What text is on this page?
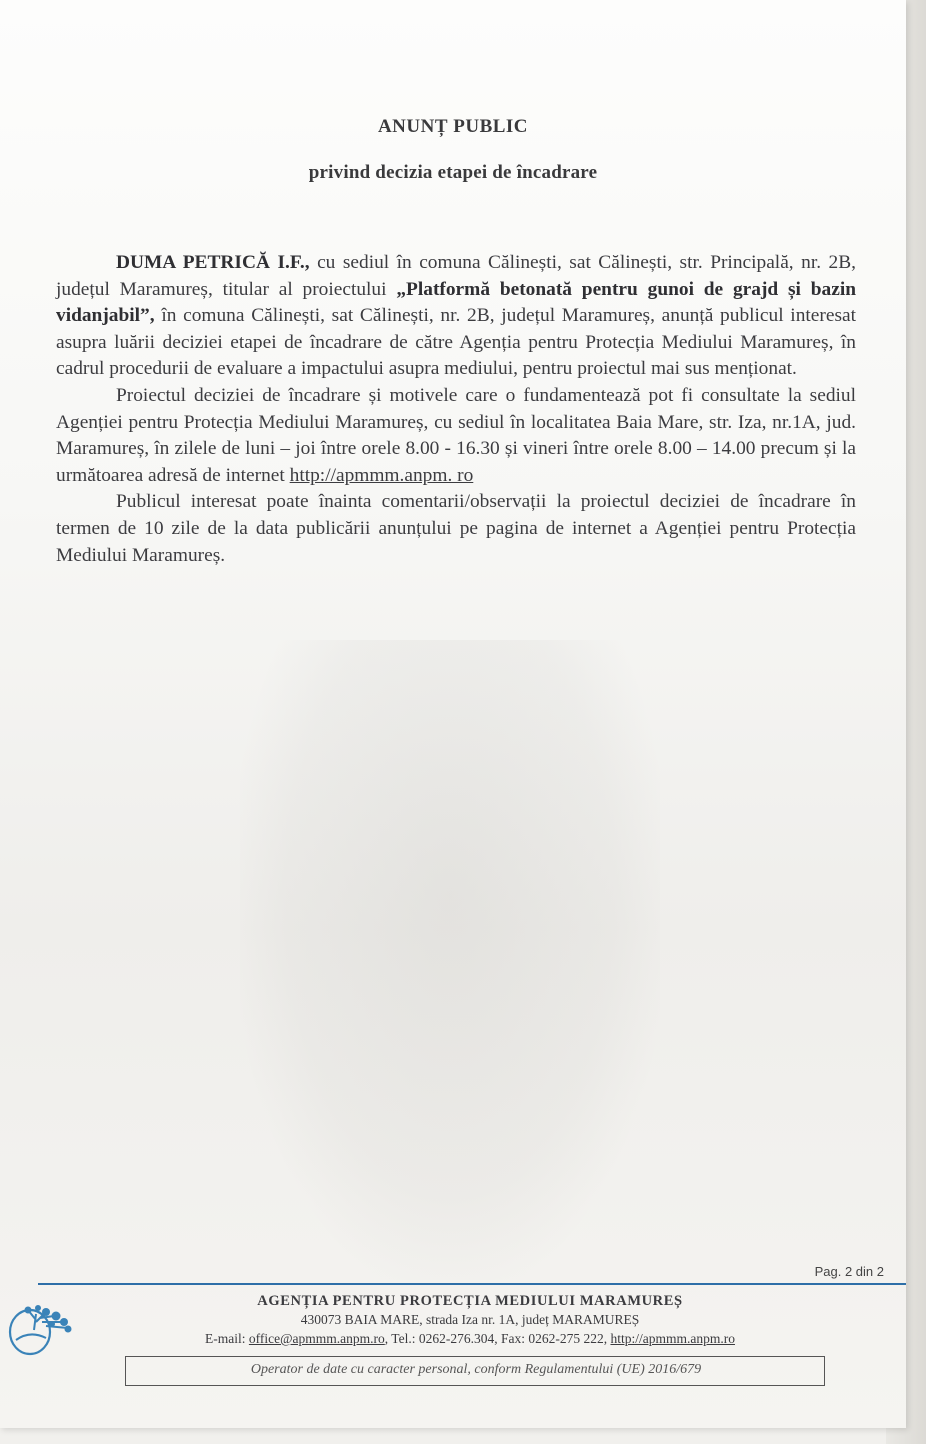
ANUNȚ PUBLIC
privind decizia etapei de încadrare

DUMA PETRICĂ I.F., cu sediul în comuna Călinești, sat Călinești, str. Principală, nr. 2B, județul Maramureș, titular al proiectului „Platformă betonată pentru gunoi de grajd și bazin vidanjabil”, în comuna Călinești, sat Călinești, nr. 2B, județul Maramureș, anunță publicul interesat asupra luării deciziei etapei de încadrare de către Agenția pentru Protecția Mediului Maramureș, în cadrul procedurii de evaluare a impactului asupra mediului, pentru proiectul mai sus menționat.

Proiectul deciziei de încadrare și motivele care o fundamentează pot fi consultate la sediul Agenției pentru Protecția Mediului Maramureș, cu sediul în localitatea Baia Mare, str. Iza, nr.1A, jud. Maramureș, în zilele de luni – joi între orele 8.00 - 16.30 și vineri între orele 8.00 – 14.00 precum și la următoarea adresă de internet http://apmmm.anpm. ro

Publicul interesat poate înainta comentarii/observații la proiectul deciziei de încadrare în termen de 10 zile de la data publicării anunțului pe pagina de internet a Agenției pentru Protecția Mediului Maramureș.

Pag. 2 din 2
AGENȚIA PENTRU PROTECȚIA MEDIULUI MARAMUREȘ
430073 BAIA MARE, strada Iza nr. 1A, județ MARAMUREȘ
E-mail: office@apmmm.anpm.ro, Tel.: 0262-276.304, Fax: 0262-275 222, http://apmmm.anpm.ro
Operator de date cu caracter personal, conform Regulamentului (UE) 2016/679
